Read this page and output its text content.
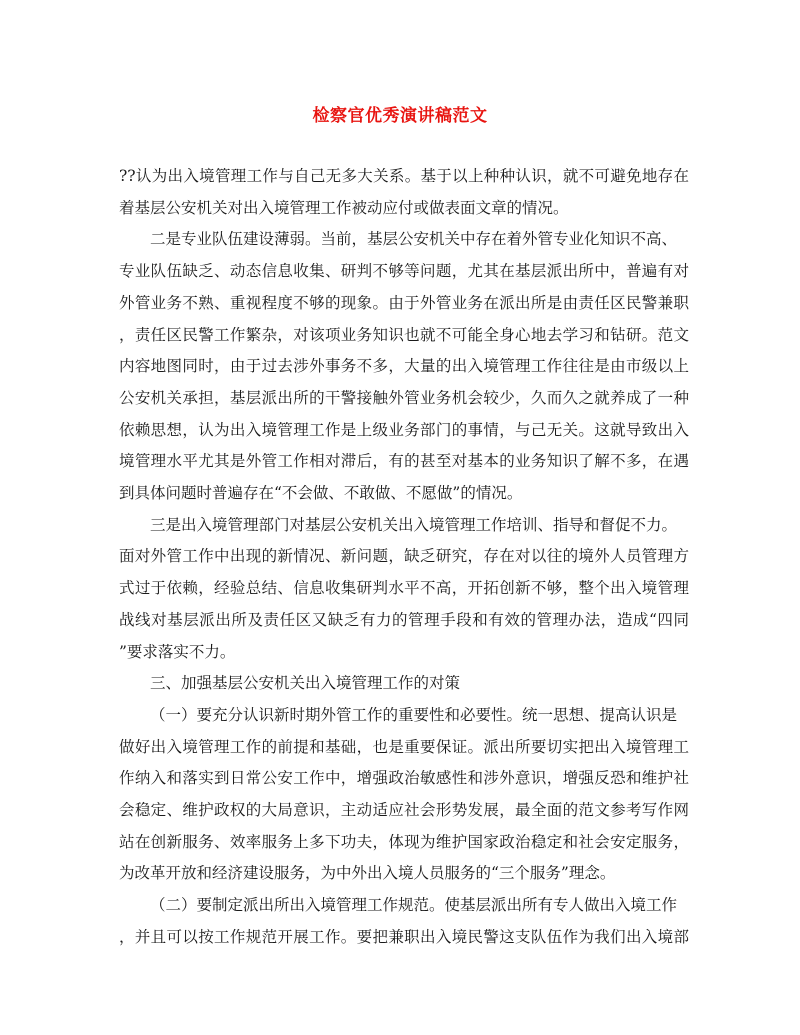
检察官优秀演讲稿范文
??认为出入境管理工作与自己无多大关系。基于以上种种认识，就不可避免地存在
着基层公安机关对出入境管理工作被动应付或做表面文章的情况。
二是专业队伍建设薄弱。当前，基层公安机关中存在着外管专业化知识不高、
专业队伍缺乏、动态信息收集、研判不够等问题，尤其在基层派出所中，普遍有对
外管业务不熟、重视程度不够的现象。由于外管业务在派出所是由责任区民警兼职
，责任区民警工作繁杂，对该项业务知识也就不可能全身心地去学习和钻研。范文
内容地图同时，由于过去涉外事务不多，大量的出入境管理工作往往是由市级以上
公安机关承担，基层派出所的干警接触外管业务机会较少，久而久之就养成了一种
依赖思想，认为出入境管理工作是上级业务部门的事情，与己无关。这就导致出入
境管理水平尤其是外管工作相对滞后，有的甚至对基本的业务知识了解不多，在遇
到具体问题时普遍存在“不会做、不敢做、不愿做”的情况。
三是出入境管理部门对基层公安机关出入境管理工作培训、指导和督促不力。
面对外管工作中出现的新情况、新问题，缺乏研究，存在对以往的境外人员管理方
式过于依赖，经验总结、信息收集研判水平不高，开拓创新不够，整个出入境管理
战线对基层派出所及责任区又缺乏有力的管理手段和有效的管理办法，造成“四同
”要求落实不力。
三、加强基层公安机关出入境管理工作的对策
（一）要充分认识新时期外管工作的重要性和必要性。统一思想、提高认识是
做好出入境管理工作的前提和基础，也是重要保证。派出所要切实把出入境管理工
作纳入和落实到日常公安工作中，增强政治敏感性和涉外意识，增强反恐和维护社
会稳定、维护政权的大局意识，主动适应社会形势发展，最全面的范文参考写作网
站在创新服务、效率服务上多下功夫，体现为维护国家政治稳定和社会安定服务，
为改革开放和经济建设服务，为中外出入境人员服务的“三个服务”理念。
（二）要制定派出所出入境管理工作规范。使基层派出所有专人做出入境工作
，并且可以按工作规范开展工作。要把兼职出入境民警这支队伍作为我们出入境部
